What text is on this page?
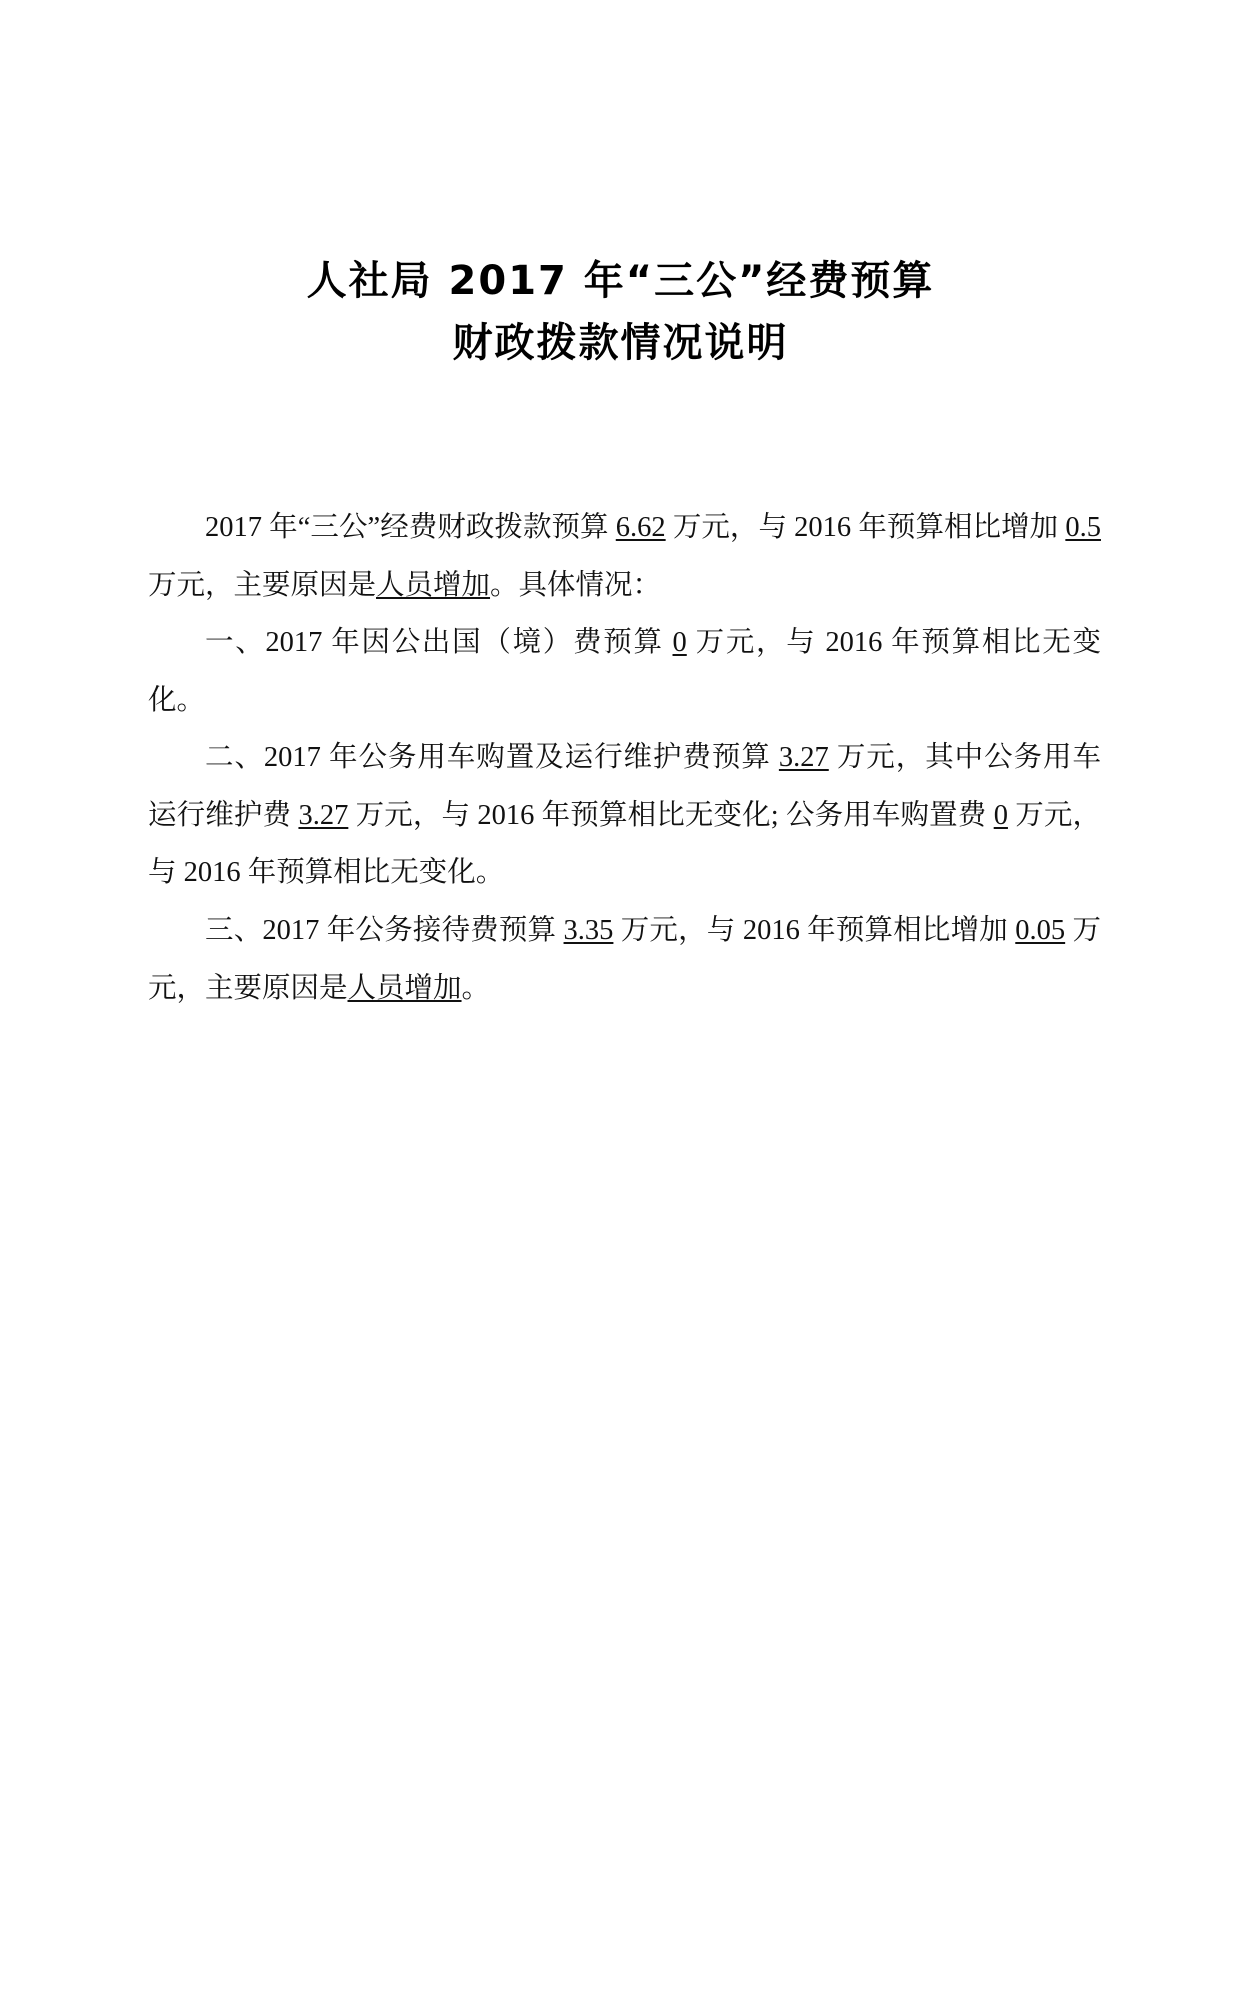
人社局 2017 年“三公”经费预算
财政拨款情况说明

2017 年“三公”经费财政拨款预算 6.62 万元，与 2016 年预算相比增加 0.5 万元，主要原因是人员增加。具体情况：

一、2017 年因公出国（境）费预算 0 万元，与 2016 年预算相比无变化。

二、2017 年公务用车购置及运行维护费预算 3.27 万元，其中公务用车运行维护费 3.27 万元，与 2016 年预算相比无变化; 公务用车购置费 0 万元，与 2016 年预算相比无变化。

三、2017 年公务接待费预算 3.35 万元，与 2016 年预算相比增加 0.05 万元，主要原因是人员增加。
